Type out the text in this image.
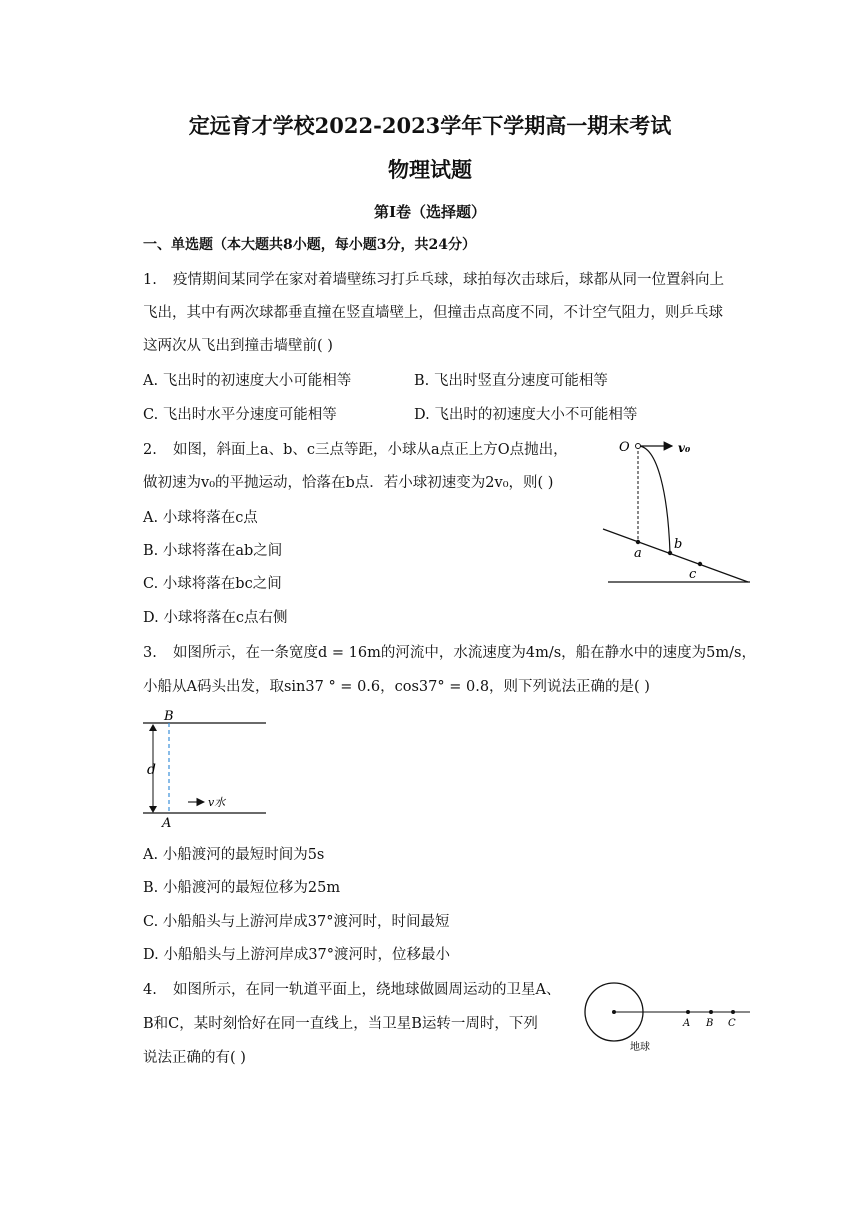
定远育才学校2022-2023学年下学期高一期末考试
物理试题
第Ⅰ卷（选择题）
一、单选题（本大题共8小题，每小题3分，共24分）
1. 疫情期间某同学在家对着墙壁练习打乒乓球，球拍每次击球后，球都从同一位置斜向上
飞出，其中有两次球都垂直撞在竖直墙壁上，但撞击点高度不同，不计空气阻力，则乒乓球
这两次从飞出到撞击墙壁前( )
A. 飞出时的初速度大小可能相等	B. 飞出时竖直分速度可能相等
C. 飞出时水平分速度可能相等	D. 飞出时的初速度大小不可能相等
2. 如图，斜面上a、b、c三点等距，小球从a点正上方O点抛出，
做初速为v₀的平抛运动，恰落在b点．若小球初速变为2v₀，则( )
A. 小球将落在c点
B. 小球将落在ab之间
C. 小球将落在bc之间
D. 小球将落在c点右侧
O	v₀
a
b
c
3. 如图所示，在一条宽度d = 16m的河流中，水流速度为4m/s，船在静水中的速度为5m/s，
小船从A码头出发，取sin37 ° = 0.6，cos37° = 0.8，则下列说法正确的是( )
B
A
d
v水
A. 小船渡河的最短时间为5s
B. 小船渡河的最短位移为25m
C. 小船船头与上游河岸成37°渡河时，时间最短
D. 小船船头与上游河岸成37°渡河时，位移最小
4. 如图所示，在同一轨道平面上，绕地球做圆周运动的卫星A、
B和C，某时刻恰好在同一直线上，当卫星B运转一周时，下列
说法正确的有( )
A B C
地球
